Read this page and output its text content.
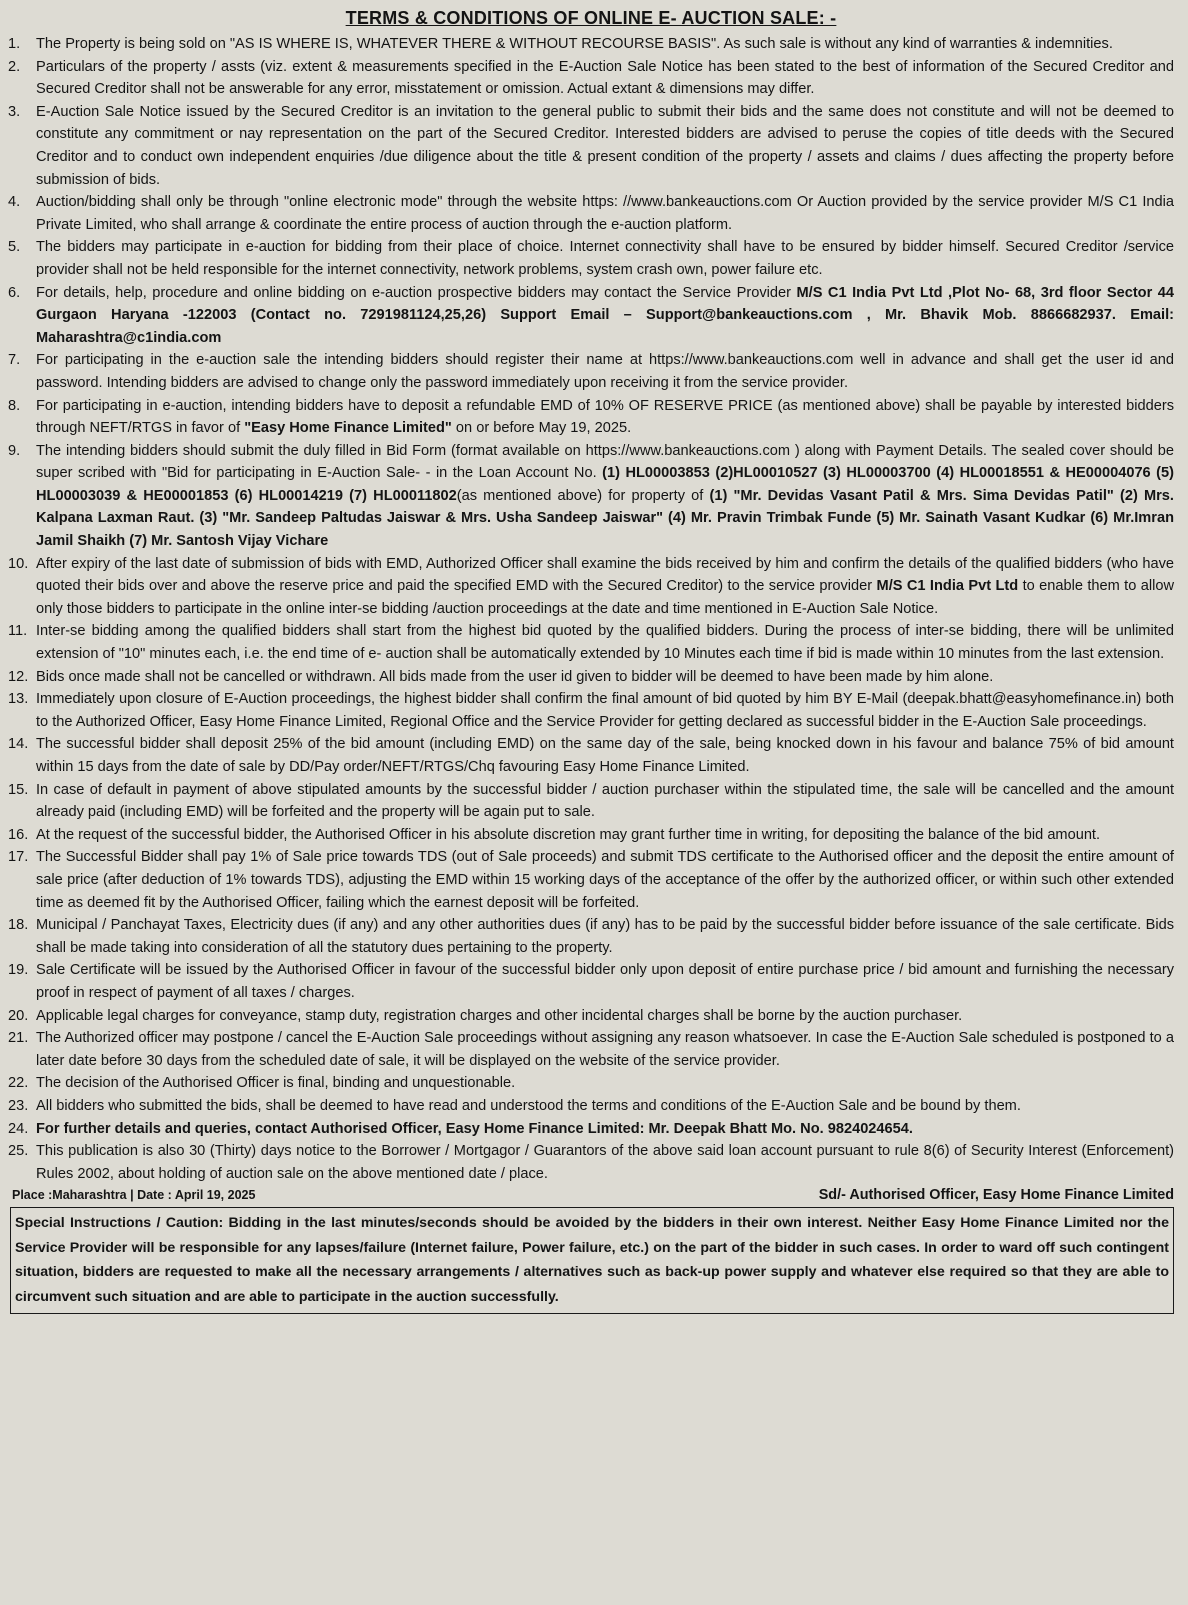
TERMS & CONDITIONS OF ONLINE E- AUCTION SALE: -
1.	The Property is being sold on "AS IS WHERE IS, WHATEVER THERE & WITHOUT RECOURSE BASIS". As such sale is without any kind of warranties & indemnities.
2.	Particulars of the property / assts (viz. extent & measurements specified in the E-Auction Sale Notice has been stated to the best of information of the Secured Creditor and Secured Creditor shall not be answerable for any error, misstatement or omission. Actual extant & dimensions may differ.
3.	E-Auction Sale Notice issued by the Secured Creditor is an invitation to the general public to submit their bids and the same does not constitute and will not be deemed to constitute any commitment or nay representation on the part of the Secured Creditor. Interested bidders are advised to peruse the copies of title deeds with the Secured Creditor and to conduct own independent enquiries /due diligence about the title & present condition of the property / assets and claims / dues affecting the property before submission of bids.
4.	Auction/bidding shall only be through "online electronic mode" through the website https: //www.bankeauctions.com Or Auction provided by the service provider M/S C1 India Private Limited, who shall arrange & coordinate the entire process of auction through the e-auction platform.
5.	The bidders may participate in e-auction for bidding from their place of choice. Internet connectivity shall have to be ensured by bidder himself. Secured Creditor /service provider shall not be held responsible for the internet connectivity, network problems, system crash own, power failure etc.
6.	For details, help, procedure and online bidding on e-auction prospective bidders may contact the Service Provider M/S C1 India Pvt Ltd ,Plot No- 68, 3rd floor Sector 44 Gurgaon Haryana -122003 (Contact no. 7291981124,25,26) Support Email – Support@bankeauctions.com , Mr. Bhavik Mob. 8866682937. Email: Maharashtra@c1india.com
7.	For participating in the e-auction sale the intending bidders should register their name at https://www.bankeauctions.com well in advance and shall get the user id and password. Intending bidders are advised to change only the password immediately upon receiving it from the service provider.
8.	For participating in e-auction, intending bidders have to deposit a refundable EMD of 10% OF RESERVE PRICE (as mentioned above) shall be payable by interested bidders through NEFT/RTGS in favor of "Easy Home Finance Limited" on or before May 19, 2025.
9.	The intending bidders should submit the duly filled in Bid Form (format available on https://www.bankeauctions.com ) along with Payment Details. The sealed cover should be super scribed with "Bid for participating in E-Auction Sale- - in the Loan Account No. (1) HL00003853 (2)HL00010527 (3) HL00003700 (4) HL00018551 & HE00004076 (5) HL00003039 & HE00001853 (6) HL00014219 (7) HL00011802(as mentioned above) for property of (1) "Mr. Devidas Vasant Patil & Mrs. Sima Devidas Patil" (2) Mrs. Kalpana Laxman Raut. (3) "Mr. Sandeep Paltudas Jaiswar & Mrs. Usha Sandeep Jaiswar" (4) Mr. Pravin Trimbak Funde (5) Mr. Sainath Vasant Kudkar (6) Mr.Imran Jamil Shaikh (7) Mr. Santosh Vijay Vichare
10. After expiry of the last date of submission of bids with EMD, Authorized Officer shall examine the bids received by him and confirm the details of the qualified bidders (who have quoted their bids over and above the reserve price and paid the specified EMD with the Secured Creditor) to the service provider M/S C1 India Pvt Ltd to enable them to allow only those bidders to participate in the online inter-se bidding /auction proceedings at the date and time mentioned in E-Auction Sale Notice.
11. Inter-se bidding among the qualified bidders shall start from the highest bid quoted by the qualified bidders. During the process of inter-se bidding, there will be unlimited extension of "10" minutes each, i.e. the end time of e- auction shall be automatically extended by 10 Minutes each time if bid is made within 10 minutes from the last extension.
12. Bids once made shall not be cancelled or withdrawn. All bids made from the user id given to bidder will be deemed to have been made by him alone.
13. Immediately upon closure of E-Auction proceedings, the highest bidder shall confirm the final amount of bid quoted by him BY E-Mail (deepak.bhatt@easyhomefinance.in) both to the Authorized Officer, Easy Home Finance Limited, Regional Office and the Service Provider for getting declared as successful bidder in the E-Auction Sale proceedings.
14. The successful bidder shall deposit 25% of the bid amount (including EMD) on the same day of the sale, being knocked down in his favour and balance 75% of bid amount within 15 days from the date of sale by DD/Pay order/NEFT/RTGS/Chq favouring Easy Home Finance Limited.
15. In case of default in payment of above stipulated amounts by the successful bidder / auction purchaser within the stipulated time, the sale will be cancelled and the amount already paid (including EMD) will be forfeited and the property will be again put to sale.
16. At the request of the successful bidder, the Authorised Officer in his absolute discretion may grant further time in writing, for depositing the balance of the bid amount.
17. The Successful Bidder shall pay 1% of Sale price towards TDS (out of Sale proceeds) and submit TDS certificate to the Authorised officer and the deposit the entire amount of sale price (after deduction of 1% towards TDS), adjusting the EMD within 15 working days of the acceptance of the offer by the authorized officer, or within such other extended time as deemed fit by the Authorised Officer, failing which the earnest deposit will be forfeited.
18. Municipal / Panchayat Taxes, Electricity dues (if any) and any other authorities dues (if any) has to be paid by the successful bidder before issuance of the sale certificate. Bids shall be made taking into consideration of all the statutory dues pertaining to the property.
19. Sale Certificate will be issued by the Authorised Officer in favour of the successful bidder only upon deposit of entire purchase price / bid amount and furnishing the necessary proof in respect of payment of all taxes / charges.
20. Applicable legal charges for conveyance, stamp duty, registration charges and other incidental charges shall be borne by the auction purchaser.
21. The Authorized officer may postpone / cancel the E-Auction Sale proceedings without assigning any reason whatsoever. In case the E-Auction Sale scheduled is postponed to a later date before 30 days from the scheduled date of sale, it will be displayed on the website of the service provider.
22. The decision of the Authorised Officer is final, binding and unquestionable.
23. All bidders who submitted the bids, shall be deemed to have read and understood the terms and conditions of the E-Auction Sale and be bound by them.
24. For further details and queries, contact Authorised Officer, Easy Home Finance Limited: Mr. Deepak Bhatt Mo. No. 9824024654.
25. This publication is also 30 (Thirty) days notice to the Borrower / Mortgagor / Guarantors of the above said loan account pursuant to rule 8(6) of Security Interest (Enforcement) Rules 2002, about holding of auction sale on the above mentioned date / place.
Place :Maharashtra | Date : April 19, 2025	Sd/- Authorised Officer, Easy Home Finance Limited
Special Instructions / Caution: Bidding in the last minutes/seconds should be avoided by the bidders in their own interest. Neither Easy Home Finance Limited nor the Service Provider will be responsible for any lapses/failure (Internet failure, Power failure, etc.) on the part of the bidder in such cases. In order to ward off such contingent situation, bidders are requested to make all the necessary arrangements / alternatives such as back-up power supply and whatever else required so that they are able to circumvent such situation and are able to participate in the auction successfully.
